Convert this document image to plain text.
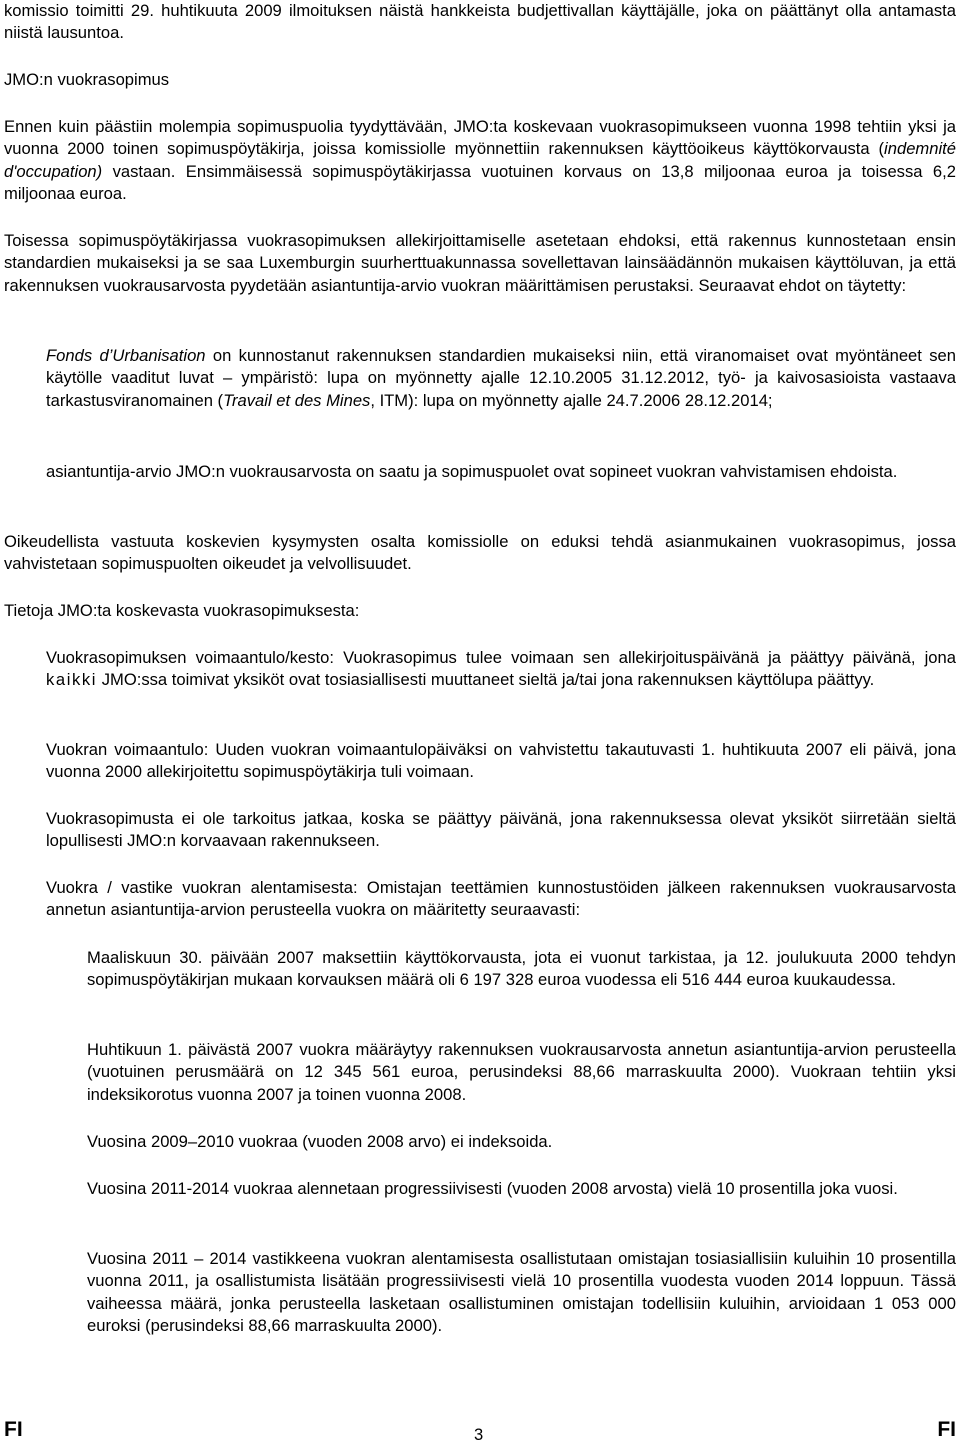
komissio toimitti 29. huhtikuuta 2009 ilmoituksen näistä hankkeista budjettivallan käyttäjälle, joka on päättänyt olla antamasta niistä lausuntoa.

JMO:n vuokrasopimus

Ennen kuin päästiin molempia sopimuspuolia tyydyttävään, JMO:ta koskevaan vuokrasopimukseen vuonna 1998 tehtiin yksi ja vuonna 2000 toinen sopimuspöytäkirja, joissa komissiolle myönnettiin rakennuksen käyttöoikeus käyttökorvausta (indemnité d'occupation) vastaan. Ensimmäisessä sopimuspöytäkirjassa vuotuinen korvaus on 13,8 miljoonaa euroa ja toisessa 6,2 miljoonaa euroa.

Toisessa sopimuspöytäkirjassa vuokrasopimuksen allekirjoittamiselle asetetaan ehdoksi, että rakennus kunnostetaan ensin standardien mukaiseksi ja se saa Luxemburgin suurherttuakunnassa sovellettavan lainsäädännön mukaisen käyttöluvan, ja että rakennuksen vuokrausarvosta pyydetään asiantuntija-arvio vuokran määrittämisen perustaksi. Seuraavat ehdot on täytetty:

Fonds d’Urbanisation on kunnostanut rakennuksen standardien mukaiseksi niin, että viranomaiset ovat myöntäneet sen käytölle vaaditut luvat – ympäristö: lupa on myönnetty ajalle 12.10.2005 31.12.2012, työ- ja kaivosasioista vastaava tarkastusviranomainen (Travail et des Mines, ITM): lupa on myönnetty ajalle 24.7.2006 28.12.2014;

asiantuntija-arvio JMO:n vuokrausarvosta on saatu ja sopimuspuolet ovat sopineet vuokran vahvistamisen ehdoista.

Oikeudellista vastuuta koskevien kysymysten osalta komissiolle on eduksi tehdä asianmukainen vuokrasopimus, jossa vahvistetaan sopimuspuolten oikeudet ja velvollisuudet.

Tietoja JMO:ta koskevasta vuokrasopimuksesta:

Vuokrasopimuksen voimaantulo/kesto: Vuokrasopimus tulee voimaan sen allekirjoituspäivänä ja päättyy päivänä, jona kaikki JMO:ssa toimivat yksiköt ovat tosiasiallisesti muuttaneet sieltä ja/tai jona rakennuksen käyttölupa päättyy.

Vuokran voimaantulo: Uuden vuokran voimaantulopäiväksi on vahvistettu takautuvasti 1. huhtikuuta 2007 eli päivä, jona vuonna 2000 allekirjoitettu sopimuspöytäkirja tuli voimaan.

Vuokrasopimusta ei ole tarkoitus jatkaa, koska se päättyy päivänä, jona rakennuksessa olevat yksiköt siirretään sieltä lopullisesti JMO:n korvaavaan rakennukseen.

Vuokra / vastike vuokran alentamisesta: Omistajan teettämien kunnostustöiden jälkeen rakennuksen vuokrausarvosta annetun asiantuntija-arvion perusteella vuokra on määritetty seuraavasti:

Maaliskuun 30. päivään 2007 maksettiin käyttökorvausta, jota ei vuonut tarkistaa, ja 12. joulukuuta 2000 tehdyn sopimuspöytäkirjan mukaan korvauksen määrä oli 6 197 328 euroa vuodessa eli 516 444 euroa kuukaudessa.

Huhtikuun 1. päivästä 2007 vuokra määräytyy rakennuksen vuokrausarvosta annetun asiantuntija-arvion perusteella (vuotuinen perusmäärä on 12 345 561 euroa, perusindeksi 88,66 marraskuulta 2000). Vuokraan tehtiin yksi indeksikorotus vuonna 2007 ja toinen vuonna 2008.

Vuosina 2009–2010 vuokraa (vuoden 2008 arvo) ei indeksoida.

Vuosina 2011-2014 vuokraa alennetaan progressiivisesti (vuoden 2008 arvosta) vielä 10 prosentilla joka vuosi.

Vuosina 2011 – 2014 vastikkeena vuokran alentamisesta osallistutaan omistajan tosiasiallisiin kuluihin 10 prosentilla vuonna 2011, ja osallistumista lisätään progressiivisesti vielä 10 prosentilla vuodesta vuoden 2014 loppuun. Tässä vaiheessa määrä, jonka perusteella lasketaan osallistuminen omistajan todellisiin kuluihin, arvioidaan 1 053 000 euroksi (perusindeksi 88,66 marraskuulta 2000).

FI	3	FI
